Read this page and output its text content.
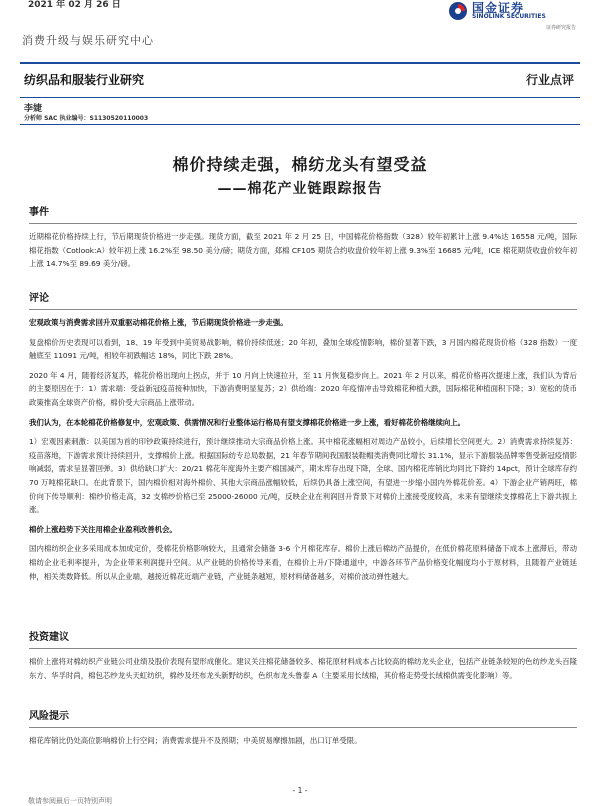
2021 年 02 月 26 日	国金证券
SINOLINK SECURITIES
证券研究报告
消费升级与娱乐研究中心
纺织品和服装行业研究	行业点评
李婕
分析师 SAC 执业编号：S1130520110003
棉价持续走强，棉纺龙头有望受益
——棉花产业链跟踪报告
事件
近期棉花价格持续上行，节后期现货价格进一步走强。现货方面，截至 2021 年 2 月 25 日，中国棉花价格指数（328）较年初累计上涨 9.4%达 16558 元/吨，国际棉花指数（Cotlook:A）较年初上涨 16.2%至 98.50 美分/磅；期货方面，郑棉 CF105 期货合约收盘价较年初上涨 9.3%至 16685 元/吨，ICE 棉花期货收盘价较年初上涨 14.7%至 89.69 美分/磅。
评论
宏观政策与消费需求回升双重驱动棉花价格上涨，节后期现货价格进一步走强。
复盘棉价历史表现可以看到，18、19 年受到中美贸易战影响，棉价持续低迷；20 年初，叠加全球疫情影响，棉价显著下跌，3 月国内棉花现货价格（328 指数）一度触底至 11091 元/吨，相较年初跌幅达 18%，同比下跌 28%。
2020 年 4 月，随着经济复苏，棉花价格出现向上拐点，并于 10 月向上快速拉升，至 11 月恢复稳步向上。2021 年 2 月以来，棉花价格再次提速上涨，我们认为背后的主要原因在于：1）需求端：受益新冠疫苗接种加快，下游消费明显复苏；2）供给端：2020 年疫情冲击导致棉花种植大跌，国际棉花种植面积下降；3）宽松的货币政策推高全球资产价格，棉价受大宗商品上涨带动。
我们认为，在本轮棉花价格修复中，宏观政策、供需情况和行业整体运行格局有望支撑棉花价格进一步上涨，看好棉花价格继续向上。
1）宏观因素刺激：以美国为首的印钞政策持续进行，预计继续推动大宗商品价格上涨。其中棉花涨幅相对周边产品较小，后续增长空间更大。2）消费需求持续复苏：疫苗落地，下游需求预计持续回升，支撑棉价上涨。根据国际纺专总局数据，21 年春节期间我国服装鞋帽类消费同比增长 31.1%，显示下游服装品牌零售受新冠疫情影响减弱，需求呈显著回弹。3）供给缺口扩大：20/21 棉花年度海外主要产棉国减产，期末库存出现下降，全球、国内棉花库销比均同比下降约 14pct，预计全球库存约 70 万吨棉花缺口。在此背景下，国内棉价相对海外棉价、其他大宗商品涨幅较低，后续仍具备上涨空间，有望进一步缩小国内外棉花价差。4）下游企业产销两旺，棉价向下传导顺利：棉纱价格走高，32 支棉纱价格已至 25000-26000 元/吨，反映企业在利润回升背景下对棉价上涨接受度较高，未来有望继续支撑棉花上下游共振上涨。
棉价上涨趋势下关注用棉企业盈利改善机会。
国内棉纺织企业多采用成本加成定价，受棉花价格影响较大，且通常会储备 3-6 个月棉花库存。棉价上涨后棉纺产品提价，在低价棉花原料储备下成本上涨滞后，带动棉纺企业毛利率提升，为企业带来利润提升空间。从产业链的价格传导来看，在棉价上升/下降通道中，中游各环节产品价格变化幅度均小于原材料，且随着产业链延伸，相关类数降低。所以从企业端，越接近棉花近端产业链，产业链条越短，原材料储备越多，对棉价波动弹性越大。
投资建议
棉价上涨将对棉纺织产业链公司业绩及股价表现有望形成催化。建议关注棉花储备较多、棉花原材料成本占比较高的棉纺龙头企业，包括产业链条较短的色纺纱龙头百隆东方、华孚时尚，棉包芯纱龙头天虹纺织，棉纱及坯布龙头新野纺织，色织布龙头鲁泰 A（主要采用长绒棉，其价格走势受长绒棉供需变化影响）等。
风险提示
棉花库销比仍处高位影响棉价上行空间；消费需求提升不及预期；中美贸易摩擦加剧，出口订单受限。
- 1 -
敬请参阅最后一页特别声明
